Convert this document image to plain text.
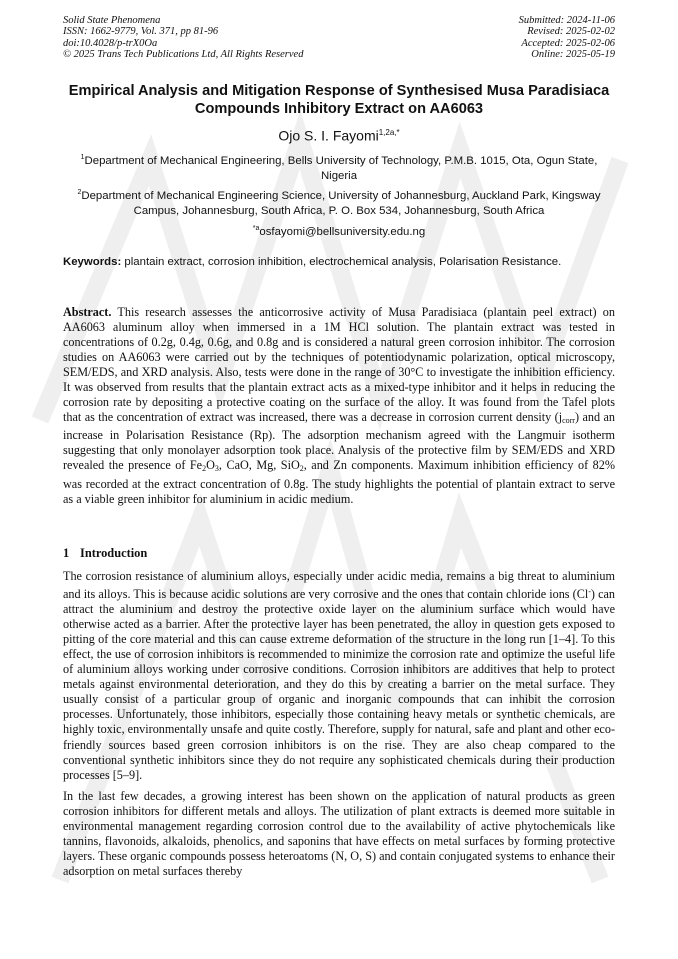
Solid State Phenomena
ISSN: 1662-9779, Vol. 371, pp 81-96
doi:10.4028/p-trX0Oa
© 2025 Trans Tech Publications Ltd, All Rights Reserved
Submitted: 2024-11-06
Revised: 2025-02-02
Accepted: 2025-02-06
Online: 2025-05-19
Empirical Analysis and Mitigation Response of Synthesised Musa Paradisiaca Compounds Inhibitory Extract on AA6063
Ojo S. I. Fayomi$^{1,2a,*}$
$^1$Department of Mechanical Engineering, Bells University of Technology, P.M.B. 1015, Ota, Ogun State, Nigeria
$^2$Department of Mechanical Engineering Science, University of Johannesburg, Auckland Park, Kingsway Campus, Johannesburg, South Africa, P. O. Box 534, Johannesburg, South Africa
$^{*a}$osfayomi@bellsuniversity.edu.ng
Keywords: plantain extract, corrosion inhibition, electrochemical analysis, Polarisation Resistance.
Abstract. This research assesses the anticorrosive activity of Musa Paradisiaca (plantain peel extract) on AA6063 aluminum alloy when immersed in a 1M HCl solution. The plantain extract was tested in concentrations of 0.2g, 0.4g, 0.6g, and 0.8g and is considered a natural green corrosion inhibitor. The corrosion studies on AA6063 were carried out by the techniques of potentiodynamic polarization, optical microscopy, SEM/EDS, and XRD analysis. Also, tests were done in the range of 30°C to investigate the inhibition efficiency. It was observed from results that the plantain extract acts as a mixed-type inhibitor and it helps in reducing the corrosion rate by depositing a protective coating on the surface of the alloy. It was found from the Tafel plots that as the concentration of extract was increased, there was a decrease in corrosion current density $(j_{corr})$ and an increase in Polarisation Resistance (Rp). The adsorption mechanism agreed with the Langmuir isotherm suggesting that only monolayer adsorption took place. Analysis of the protective film by SEM/EDS and XRD revealed the presence of $Fe_2O_3$, CaO, Mg, SiO$_2$, and Zn components. Maximum inhibition efficiency of 82% was recorded at the extract concentration of 0.8g. The study highlights the potential of plantain extract to serve as a viable green inhibitor for aluminium in acidic medium.
1 Introduction
The corrosion resistance of aluminium alloys, especially under acidic media, remains a big threat to aluminium and its alloys. This is because acidic solutions are very corrosive and the ones that contain chloride ions (Cl-) can attract the aluminium and destroy the protective oxide layer on the aluminium surface which would have otherwise acted as a barrier. After the protective layer has been penetrated, the alloy in question gets exposed to pitting of the core material and this can cause extreme deformation of the structure in the long run [1–4]. To this effect, the use of corrosion inhibitors is recommended to minimize the corrosion rate and optimize the useful life of aluminium alloys working under corrosive conditions. Corrosion inhibitors are additives that help to protect metals against environmental deterioration, and they do this by creating a barrier on the metal surface. They usually consist of a particular group of organic and inorganic compounds that can inhibit the corrosion processes. Unfortunately, those inhibitors, especially those containing heavy metals or synthetic chemicals, are highly toxic, environmentally unsafe and quite costly. Therefore, supply for natural, safe and plant and other eco-friendly sources based green corrosion inhibitors is on the rise. They are also cheap compared to the conventional synthetic inhibitors since they do not require any sophisticated chemicals during their production processes [5–9].
In the last few decades, a growing interest has been shown on the application of natural products as green corrosion inhibitors for different metals and alloys. The utilization of plant extracts is deemed more suitable in environmental management regarding corrosion control due to the availability of active phytochemicals like tannins, flavonoids, alkaloids, phenolics, and saponins that have effects on metal surfaces by forming protective layers. These organic compounds possess heteroatoms (N, O, S) and contain conjugated systems to enhance their adsorption on metal surfaces thereby
